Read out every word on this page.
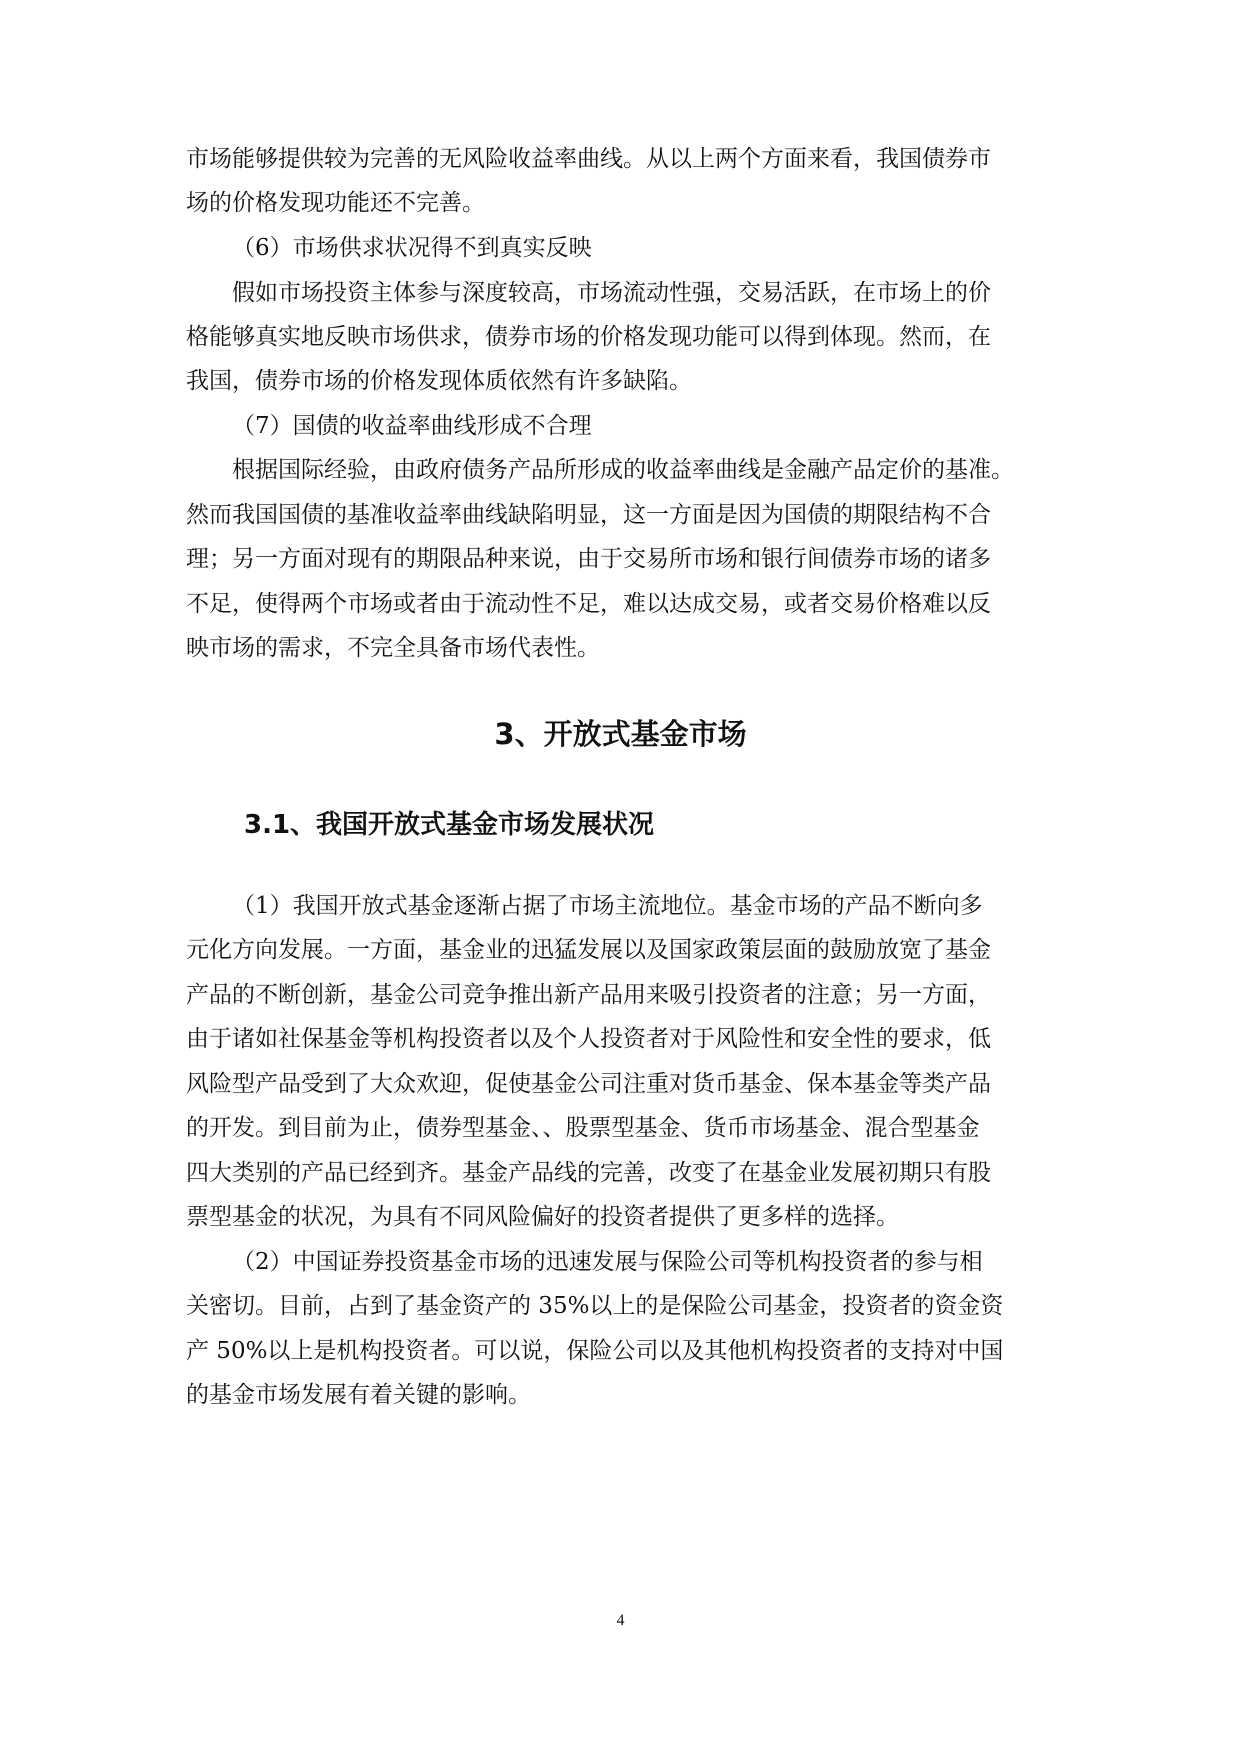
市场能够提供较为完善的无风险收益率曲线。从以上两个方面来看，我国债券市
场的价格发现功能还不完善。
（6）市场供求状况得不到真实反映
假如市场投资主体参与深度较高，市场流动性强，交易活跃，在市场上的价
格能够真实地反映市场供求，债券市场的价格发现功能可以得到体现。然而，在
我国，债券市场的价格发现体质依然有许多缺陷。
（7）国债的收益率曲线形成不合理
根据国际经验，由政府债务产品所形成的收益率曲线是金融产品定价的基准。
然而我国国债的基准收益率曲线缺陷明显，这一方面是因为国债的期限结构不合
理；另一方面对现有的期限品种来说，由于交易所市场和银行间债券市场的诸多
不足，使得两个市场或者由于流动性不足，难以达成交易，或者交易价格难以反
映市场的需求，不完全具备市场代表性。
3、开放式基金市场
3.1、我国开放式基金市场发展状况
（1）我国开放式基金逐渐占据了市场主流地位。基金市场的产品不断向多
元化方向发展。一方面，基金业的迅猛发展以及国家政策层面的鼓励放宽了基金
产品的不断创新，基金公司竞争推出新产品用来吸引投资者的注意；另一方面，
由于诸如社保基金等机构投资者以及个人投资者对于风险性和安全性的要求，低
风险型产品受到了大众欢迎，促使基金公司注重对货币基金、保本基金等类产品
的开发。到目前为止，债券型基金、、股票型基金、货币市场基金、混合型基金
四大类别的产品已经到齐。基金产品线的完善，改变了在基金业发展初期只有股
票型基金的状况，为具有不同风险偏好的投资者提供了更多样的选择。
（2）中国证券投资基金市场的迅速发展与保险公司等机构投资者的参与相
关密切。目前，占到了基金资产的 35%以上的是保险公司基金，投资者的资金资
产 50%以上是机构投资者。可以说，保险公司以及其他机构投资者的支持对中国
的基金市场发展有着关键的影响。
4
